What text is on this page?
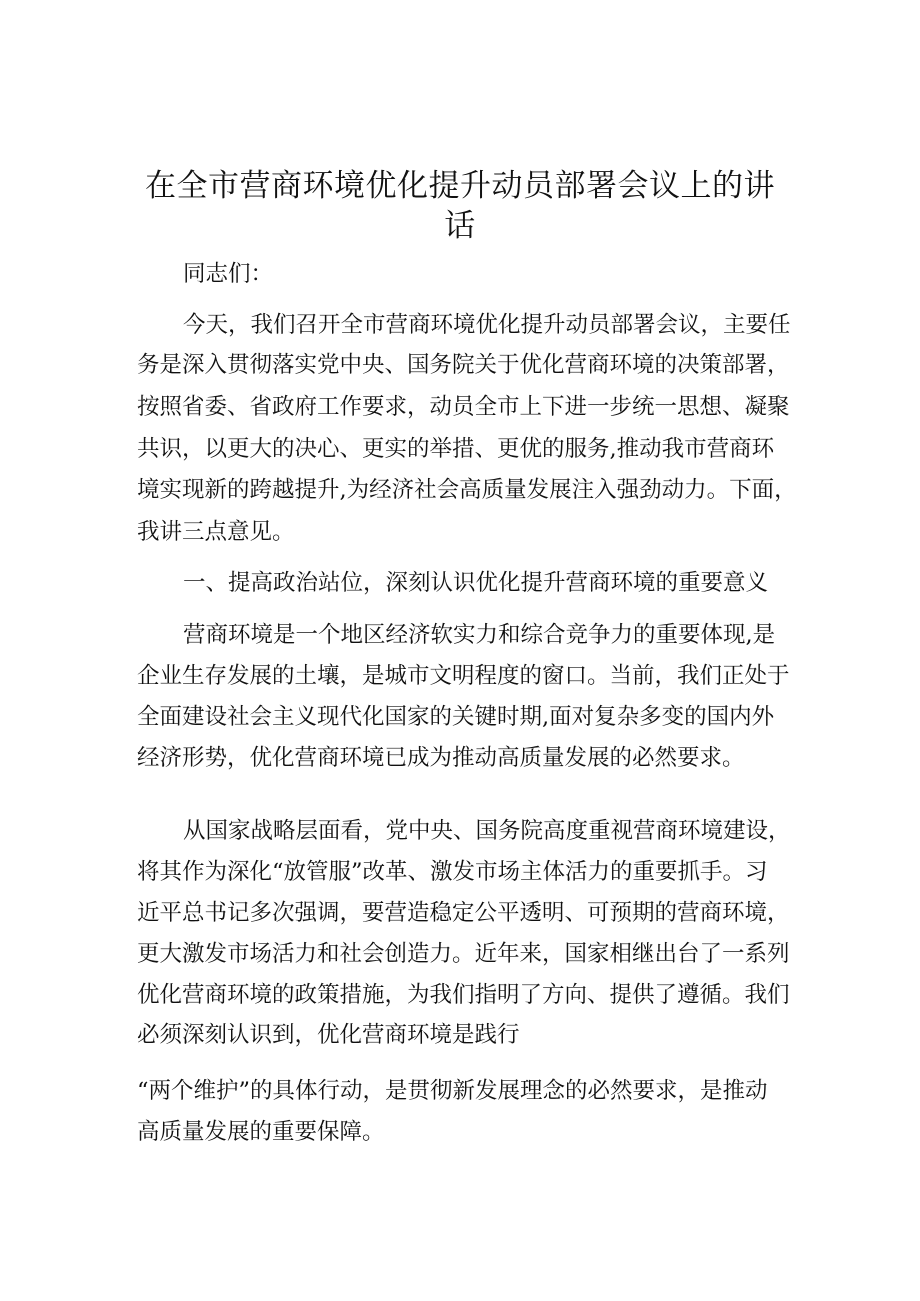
在全市营商环境优化提升动员部署会议上的讲
话

同志们：

今天，我们召开全市营商环境优化提升动员部署会议，主要任

务是深入贯彻落实党中央、国务院关于优化营商环境的决策部署，

按照省委、省政府工作要求，动员全市上下进一步统一思想、凝聚

共识，以更大的决心、更实的举措、更优的服务,推动我市营商环

境实现新的跨越提升,为经济社会高质量发展注入强劲动力。下面，

我讲三点意见。

一、提高政治站位，深刻认识优化提升营商环境的重要意义

营商环境是一个地区经济软实力和综合竞争力的重要体现,是

企业生存发展的土壤，是城市文明程度的窗口。当前，我们正处于

全面建设社会主义现代化国家的关键时期,面对复杂多变的国内外

经济形势，优化营商环境已成为推动高质量发展的必然要求。

从国家战略层面看，党中央、国务院高度重视营商环境建设，

将其作为深化“放管服”改革、激发市场主体活力的重要抓手。习

近平总书记多次强调，要营造稳定公平透明、可预期的营商环境，

更大激发市场活力和社会创造力。近年来，国家相继出台了一系列

优化营商环境的政策措施，为我们指明了方向、提供了遵循。我们

必须深刻认识到，优化营商环境是践行

“两个维护”的具体行动，是贯彻新发展理念的必然要求，是推动

高质量发展的重要保障。
